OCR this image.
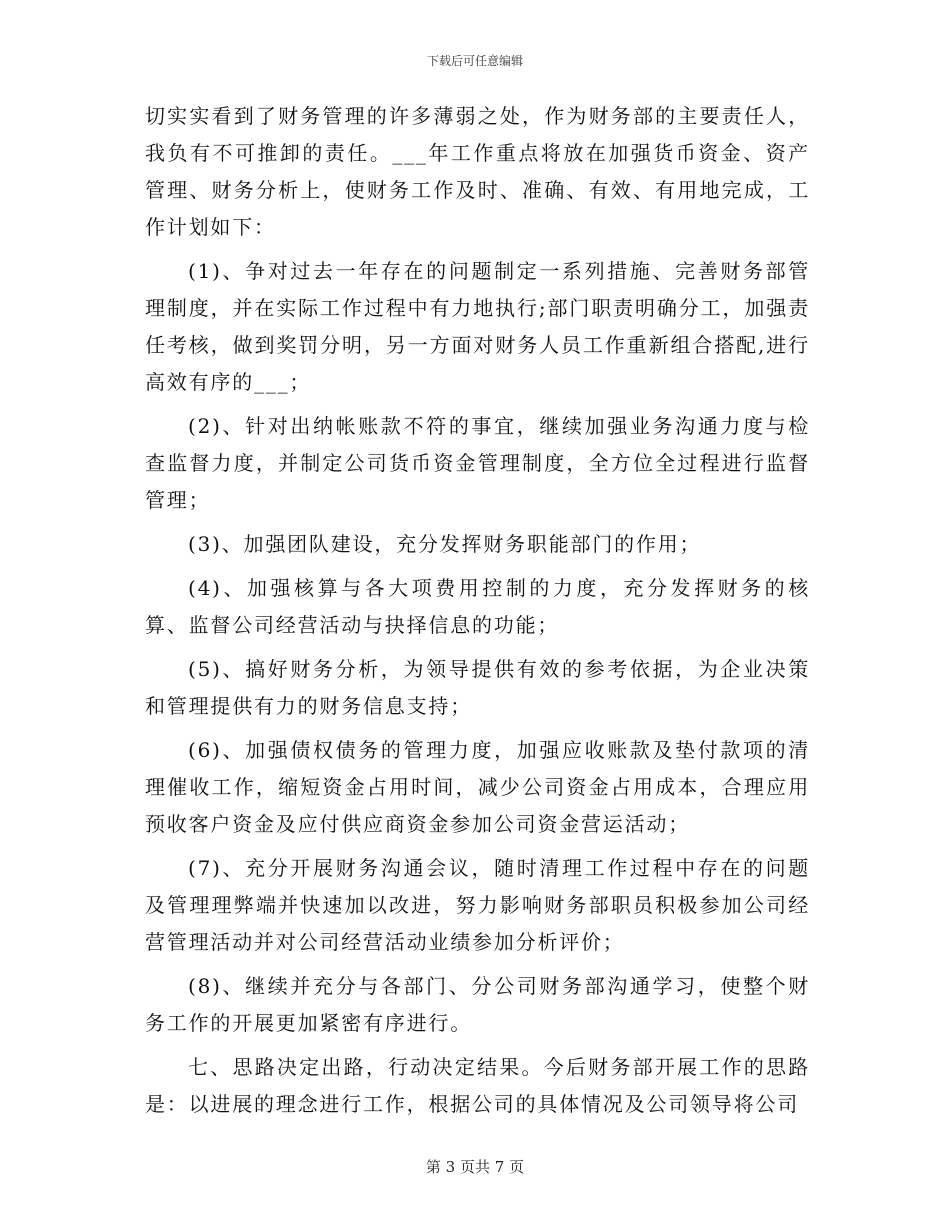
下载后可任意编辑

切实实看到了财务管理的许多薄弱之处，作为财务部的主要责任人，我负有不可推卸的责任。___年工作重点将放在加强货币资金、资产管理、财务分析上，使财务工作及时、准确、有效、有用地完成，工作计划如下：

(1)、争对过去一年存在的问题制定一系列措施、完善财务部管理制度，并在实际工作过程中有力地执行;部门职责明确分工，加强责任考核，做到奖罚分明，另一方面对财务人员工作重新组合搭配,进行高效有序的___；

(2)、针对出纳帐账款不符的事宜，继续加强业务沟通力度与检查监督力度，并制定公司货币资金管理制度，全方位全过程进行监督管理；

(3)、加强团队建设，充分发挥财务职能部门的作用；

(4)、加强核算与各大项费用控制的力度，充分发挥财务的核算、监督公司经营活动与抉择信息的功能；

(5)、搞好财务分析，为领导提供有效的参考依据，为企业决策和管理提供有力的财务信息支持；

(6)、加强债权债务的管理力度，加强应收账款及垫付款项的清理催收工作，缩短资金占用时间，减少公司资金占用成本，合理应用预收客户资金及应付供应商资金参加公司资金营运活动；

(7)、充分开展财务沟通会议，随时清理工作过程中存在的问题及管理理弊端并快速加以改进，努力影响财务部职员积极参加公司经营管理活动并对公司经营活动业绩参加分析评价；

(8)、继续并充分与各部门、分公司财务部沟通学习，使整个财务工作的开展更加紧密有序进行。

七、思路决定出路，行动决定结果。今后财务部开展工作的思路是：以进展的理念进行工作，根据公司的具体情况及公司领导将公司

第 3 页共 7 页
